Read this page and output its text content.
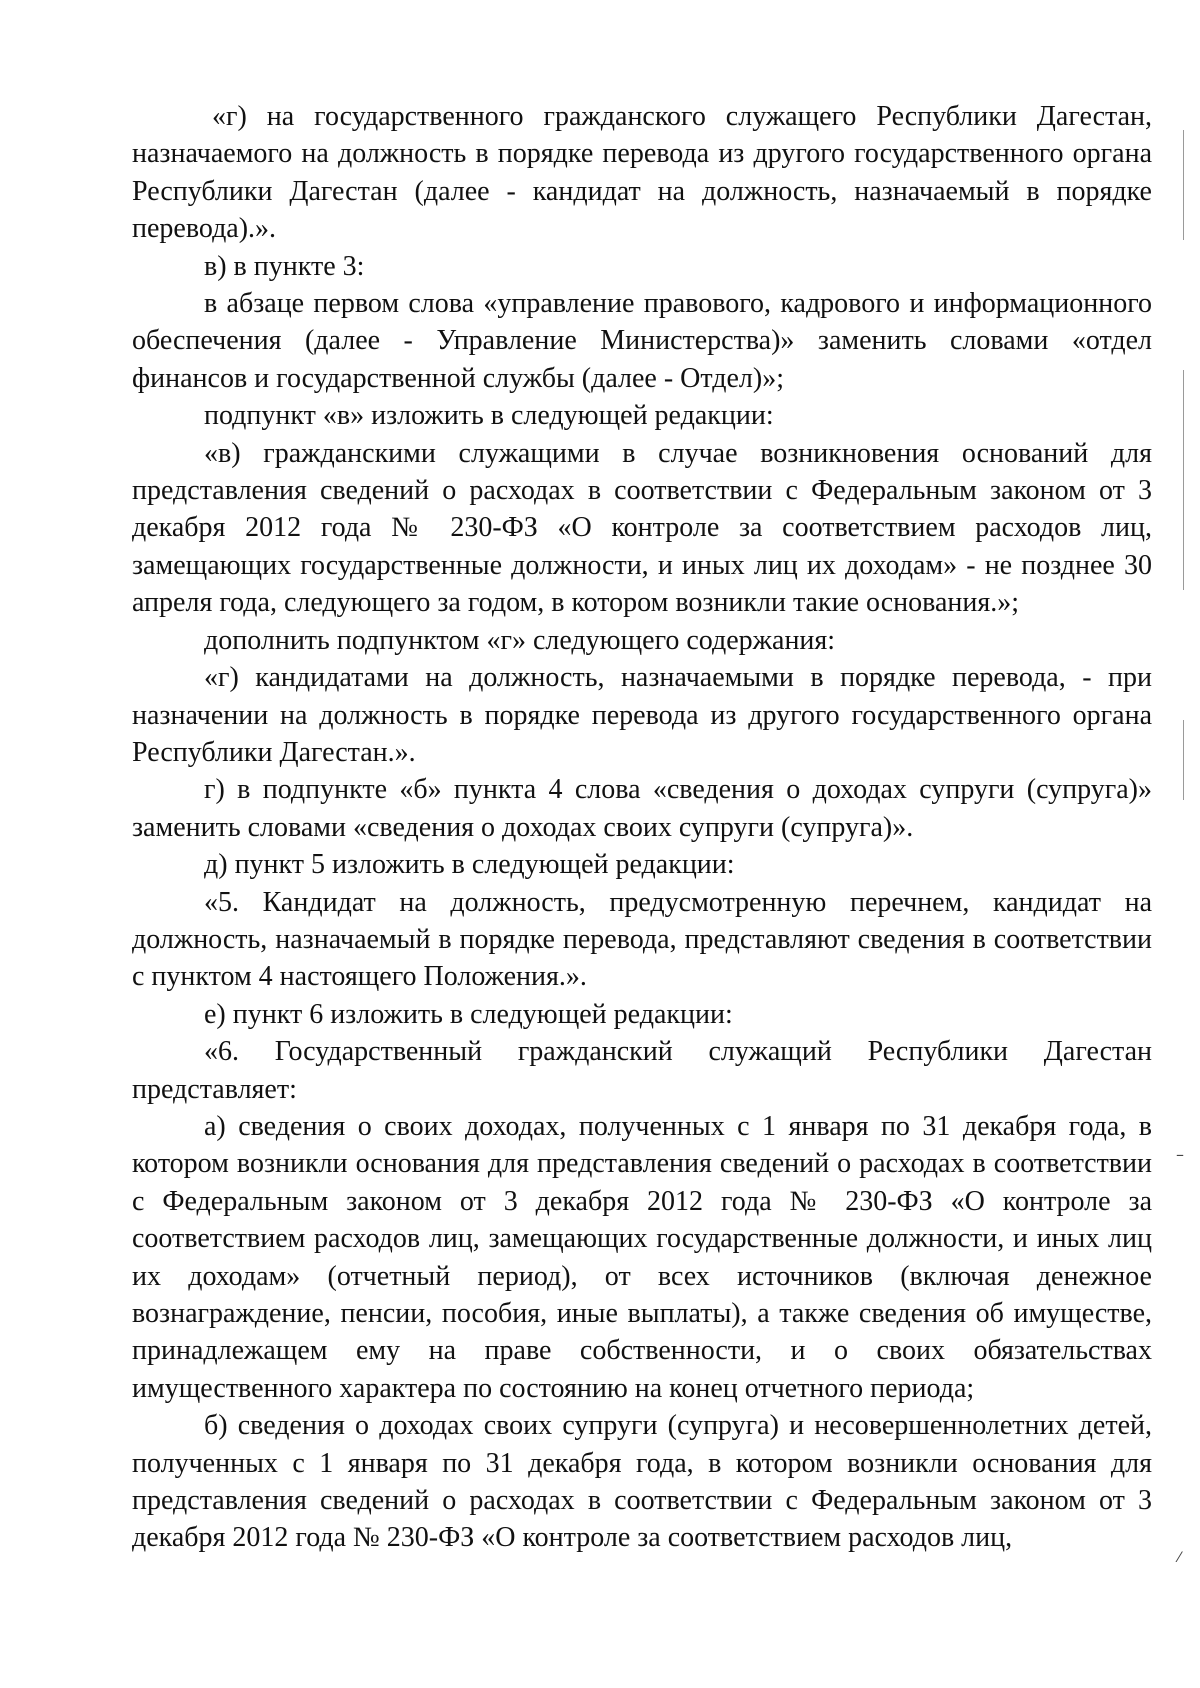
«г) на государственного гражданского служащего Республики Дагестан, назначаемого на должность в порядке перевода из другого государственного органа Республики Дагестан (далее - кандидат на должность, назначаемый в порядке перевода).».

в) в пункте 3:

в абзаце первом слова «управление правового, кадрового и информационного обеспечения (далее - Управление Министерства)» заменить словами «отдел финансов и государственной службы (далее - Отдел)»;

подпункт «в» изложить в следующей редакции:

«в) гражданскими служащими в случае возникновения оснований для представления сведений о расходах в соответствии с Федеральным законом от 3 декабря 2012 года № 230-ФЗ «О контроле за соответствием расходов лиц, замещающих государственные должности, и иных лиц их доходам» - не позднее 30 апреля года, следующего за годом, в котором возникли такие основания.»;

дополнить подпунктом «г» следующего содержания:

«г) кандидатами на должность, назначаемыми в порядке перевода, - при назначении на должность в порядке перевода из другого государственного органа Республики Дагестан.».

г) в подпункте «б» пункта 4 слова «сведения о доходах супруги (супруга)» заменить словами «сведения о доходах своих супруги (супруга)».

д) пункт 5 изложить в следующей редакции:

«5. Кандидат на должность, предусмотренную перечнем, кандидат на должность, назначаемый в порядке перевода, представляют сведения в соответствии с пунктом 4 настоящего Положения.».

е) пункт 6 изложить в следующей редакции:

«6. Государственный гражданский служащий Республики Дагестан представляет:

а) сведения о своих доходах, полученных с 1 января по 31 декабря года, в котором возникли основания для представления сведений о расходах в соответствии с Федеральным законом от 3 декабря 2012 года № 230-ФЗ «О контроле за соответствием расходов лиц, замещающих государственные должности, и иных лиц их доходам» (отчетный период), от всех источников (включая денежное вознаграждение, пенсии, пособия, иные выплаты), а также сведения об имуществе, принадлежащем ему на праве собственности, и о своих обязательствах имущественного характера по состоянию на конец отчетного периода;

б) сведения о доходах своих супруги (супруга) и несовершеннолетних детей, полученных с 1 января по 31 декабря года, в котором возникли основания для представления сведений о расходах в соответствии с Федеральным законом от 3 декабря 2012 года № 230-ФЗ «О контроле за соответствием расходов лиц,

–
⁄
